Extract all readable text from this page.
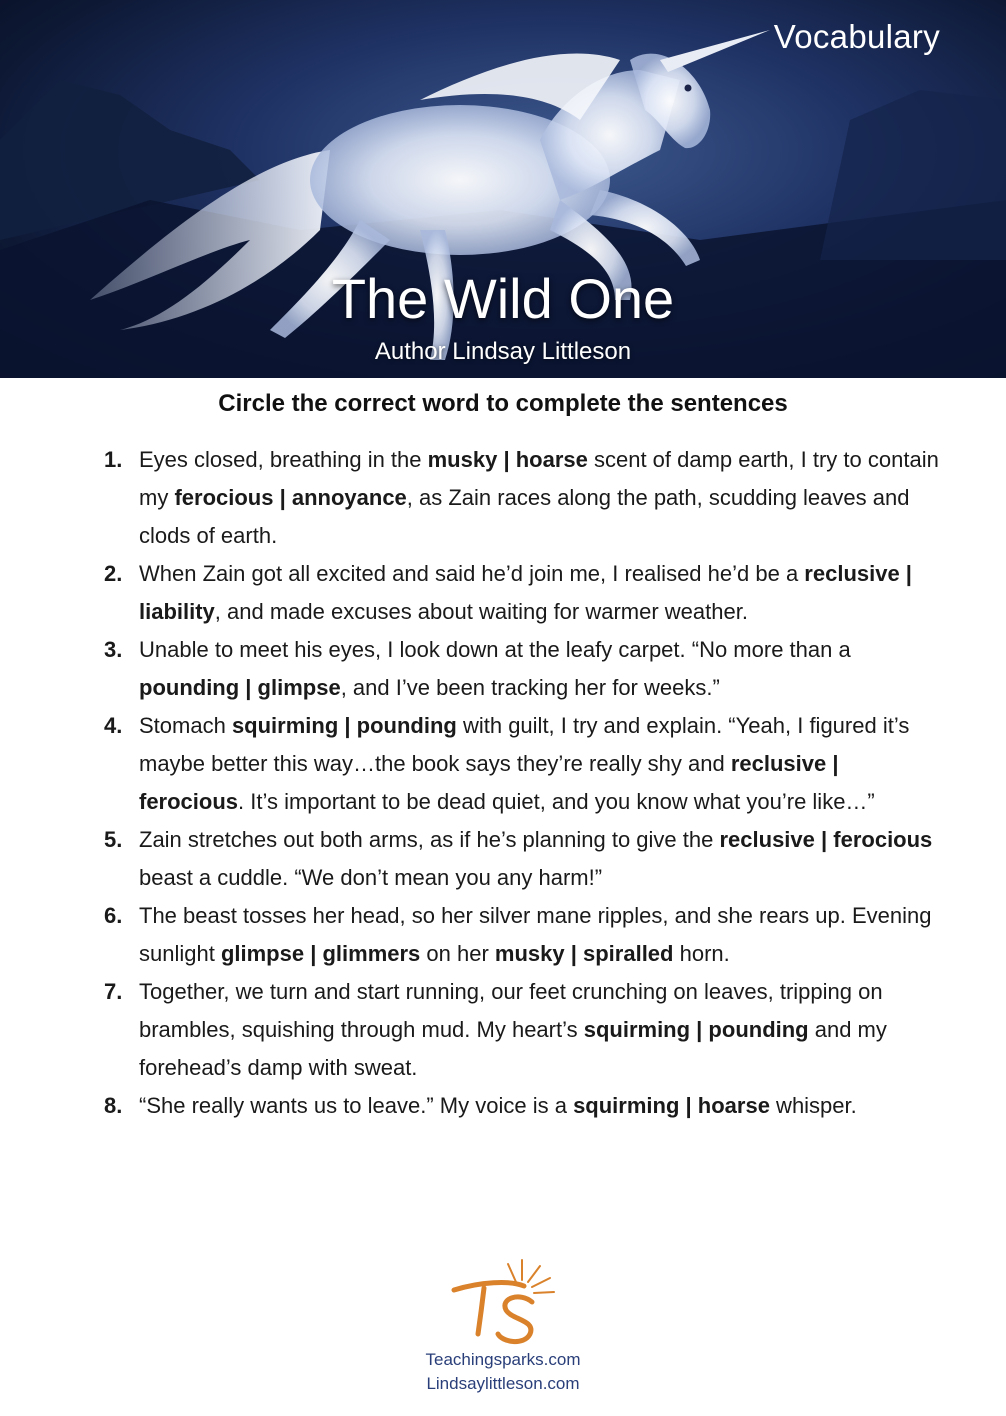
Vocabulary
The Wild One
Author Lindsay Littleson
Circle the correct word to complete the sentences
1. Eyes closed, breathing in the musky | hoarse scent of damp earth, I try to contain my ferocious | annoyance, as Zain races along the path, scudding leaves and clods of earth.
2. When Zain got all excited and said he’d join me, I realised he’d be a reclusive | liability, and made excuses about waiting for warmer weather.
3. Unable to meet his eyes, I look down at the leafy carpet. “No more than a pounding | glimpse, and I’ve been tracking her for weeks.”
4. Stomach squirming | pounding with guilt, I try and explain. “Yeah, I figured it’s maybe better this way…the book says they’re really shy and reclusive | ferocious. It’s important to be dead quiet, and you know what you’re like…”
5. Zain stretches out both arms, as if he’s planning to give the reclusive | ferocious beast a cuddle. “We don’t mean you any harm!”
6. The beast tosses her head, so her silver mane ripples, and she rears up. Evening sunlight glimpse | glimmers on her musky | spiralled horn.
7. Together, we turn and start running, our feet crunching on leaves, tripping on brambles, squishing through mud. My heart’s squirming | pounding and my forehead’s damp with sweat.
8. “She really wants us to leave.” My voice is a squirming | hoarse whisper.
Teachingsparks.com
Lindsaylittleson.com
